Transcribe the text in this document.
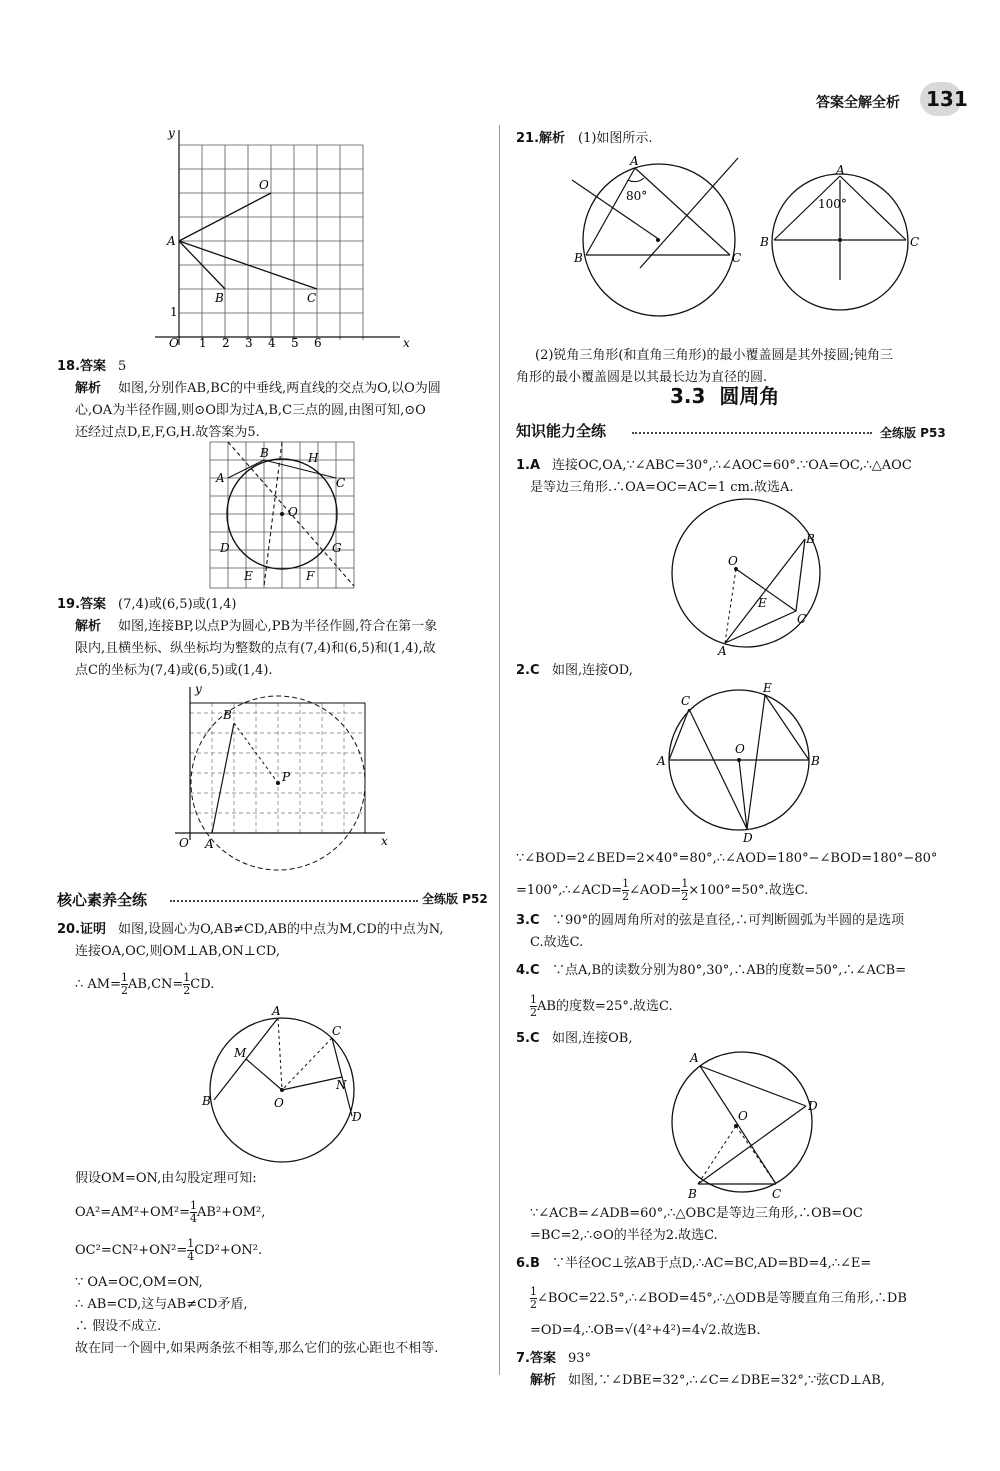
答案全解全析 131
y
x
O 1 2 3 4 5 6
1
A
B	C
O
18.答案 5
解析 如图,分别作AB,BC的中垂线,两直线的交点为O,以O为圆
心,OA为半径作圆,则⊙O即为过A,B,C三点的圆,由图可知,⊙O
还经过点D,E,F,G,H.故答案为5.
A
B
C
H
O
D	G
E	F
19.答案 (7,4)或(6,5)或(1,4)
解析 如图,连接BP,以点P为圆心,PB为半径作圆,符合在第一象
限内,且横坐标、纵坐标均为整数的点有(7,4)和(6,5)和(1,4),故
点C的坐标为(7,4)或(6,5)或(1,4).
B
P
A
O	x
y
核心素养全练	全练版 P52
20.证明 如图,设圆心为O,AB≠CD,AB的中点为M,CD的中点为N,
连接OA,OC,则OM⊥AB,ON⊥CD,
∴ $AM= \frac{1}{2} AB,CN= \frac{1}{2}$ CD.
A
C
M
N
B	O
D
假设OM=ON,由勾股定理可知:
$OA^2=AM^2+OM^2= \frac{1}{4} AB^2+OM^2$,
$OC^2=CN^2+ON^2= \frac{1}{4} CD^2+ON^2$.
∵ OA=OC,OM=ON,
∴ AB=CD,这与AB≠CD矛盾,
∴ 假设不成立.
故在同一个圆中,如果两条弦不相等,那么它们的弦心距也不相等.
21.解析 (1)如图所示.
A
B	C
80°
A
B	C
100°
(2)锐角三角形(和直角三角形)的最小覆盖圆是其外接圆;钝角三
角形的最小覆盖圆是以其最长边为直径的圆.
3.3 圆周角
知识能力全练	全练版 P53
1.A 连接OC,OA,∵∠ABC=30°,∴∠AOC=60°.∵OA=OC,∴△AOC
是等边三角形.∴OA=OC=AC=1 cm.故选A.
O
B
E
C
A
2.C 如图,连接OD,
C
E
A
O
B
D
∵∠BOD=2∠BED=2×40°=80°,∴∠AOD=180°−∠BOD=180°−80°
=100°,∴∠ACD= $\frac{1}{2}$ ∠AOD= $\frac{1}{2} \times 100^\circ=50^\circ$.故选C.
3.C ∵90°的圆周角所对的弦是直径,∴可判断圆弧为半圆的是选项
C.故选C.
4.C ∵点A,B的读数分别为80°,30°,∴AB的度数=50°,∴∠ACB=
$\frac{1}{2}$ AB的度数=25°.故选C.
5.C 如图,连接OB,
A
D
O
B	C
∵∠ACB=∠ADB=60°,∴△OBC是等边三角形,∴OB=OC
=BC=2,∴⊙O的半径为2.故选C.
6.B ∵半径OC⊥弦AB于点D,∴AC=BC,AD=BD=4,∴∠E=
$\frac{1}{2}$ ∠BOC=22.5°,∴∠BOD=45°,∴△ODB是等腰直角三角形,∴DB
=OD=4,∴OB=√(4²+4²)=4√2.故选B.
7.答案 93°
解析 如图,∵∠DBE=32°,∴∠C=∠DBE=32°,∵弦CD⊥AB,
